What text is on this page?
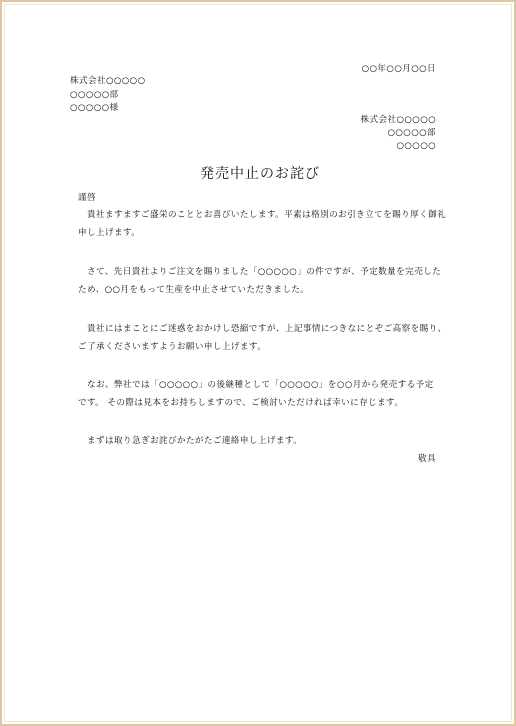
○○年○○月○○日
株式会社○○○○○
○○○○○部
○○○○○様
株式会社○○○○○
○○○○○部
○○○○○
発売中止のお詫び
謹啓
　貴社ますますご盛栄のこととお喜びいたします。平素は格別のお引き立てを賜り厚く御礼
申し上げます。
　さて、先日貴社よりご注文を賜りました「○○○○○」の件ですが、予定数量を完売した
ため、○○月をもって生産を中止させていただきました。
　貴社にはまことにご迷惑をおかけし恐縮ですが、上記事情につきなにとぞご高察を賜り、
ご了承くださいますようお願い申し上げます。
　なお、弊社では「○○○○○」の後継種として「○○○○○」を○○月から発売する予定
です。 その際は見本をお持ちしますので、ご検討いただければ幸いに存じます。
　まずは取り急ぎお詫びかたがたご連絡申し上げます。
敬具
